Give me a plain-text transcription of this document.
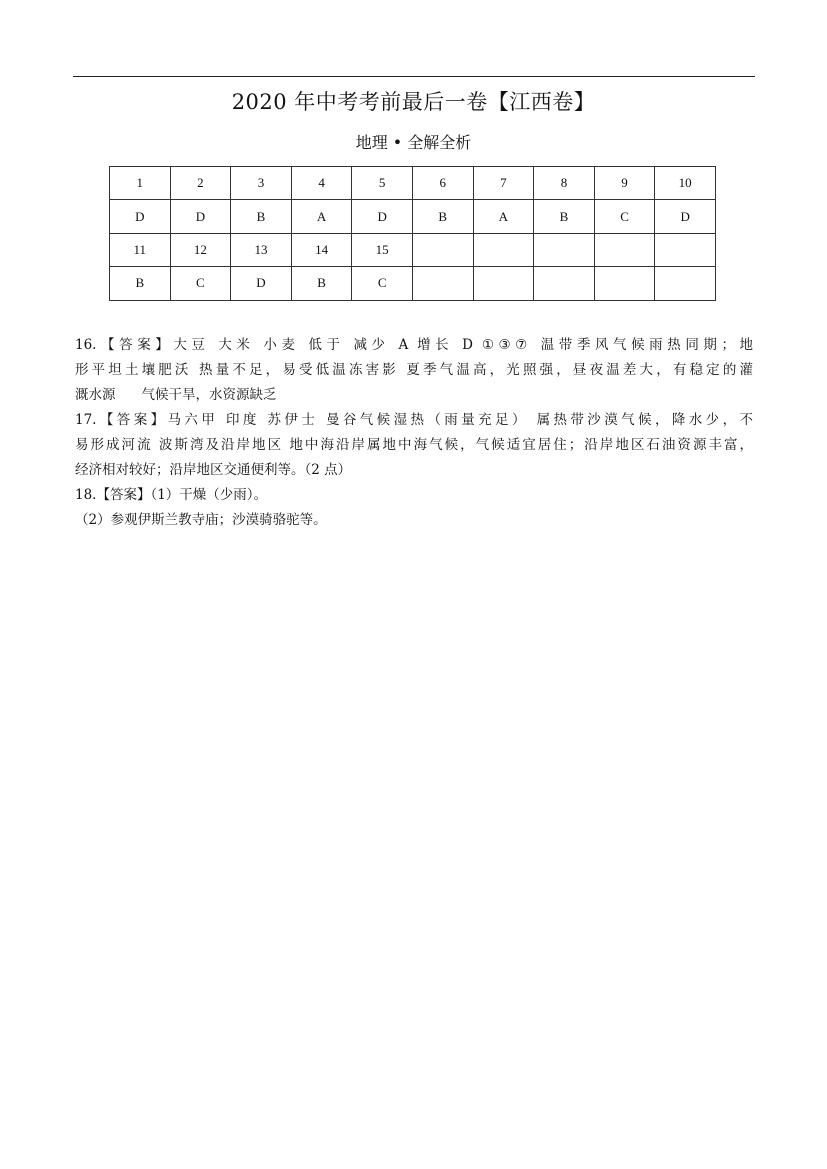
2020 年中考考前最后一卷【江西卷】
地理 • 全解全析
1	2	3	4	5	6	7	8	9	10
D	D	B	A	D	B	A	B	C	D
11	12	13	14	15					
B	C	D	B	C					

16.【答案】大豆 大米 小麦 低于 减少 A 增长 D ①③⑦ 温带季风气候雨热同期；地

形平坦土壤肥沃 热量不足，易受低温冻害影 夏季气温高，光照强，昼夜温差大，有稳定的灌

溉水源 气候干旱，水资源缺乏

17.【答案】马六甲 印度 苏伊士 曼谷气候湿热（雨量充足） 属热带沙漠气候，降水少，不

易形成河流 波斯湾及沿岸地区 地中海沿岸属地中海气候，气候适宜居住；沿岸地区石油资源丰富，

经济相对较好；沿岸地区交通便利等。（2 点）

18.【答案】（1）干燥（少雨）。

（2）参观伊斯兰教寺庙；沙漠骑骆驼等。
